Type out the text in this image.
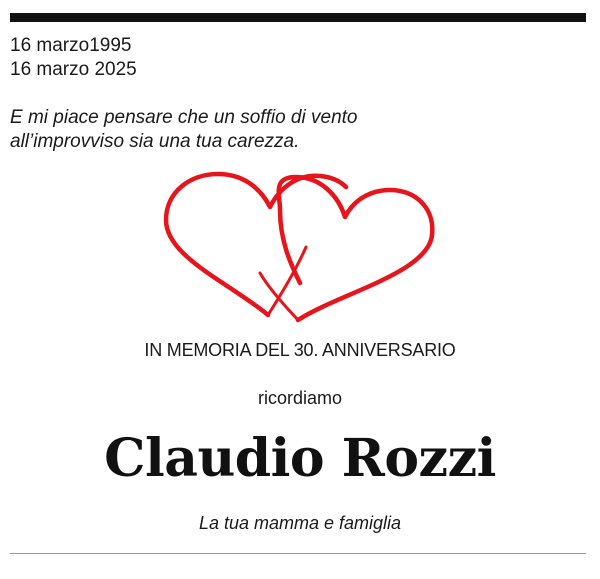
16 marzo1995
16 marzo 2025
E mi piace pensare che un soffio di vento
all’improvviso sia una tua carezza.
IN MEMORIA DEL 30. ANNIVERSARIO
ricordiamo
Claudio Rozzi
La tua mamma e famiglia
